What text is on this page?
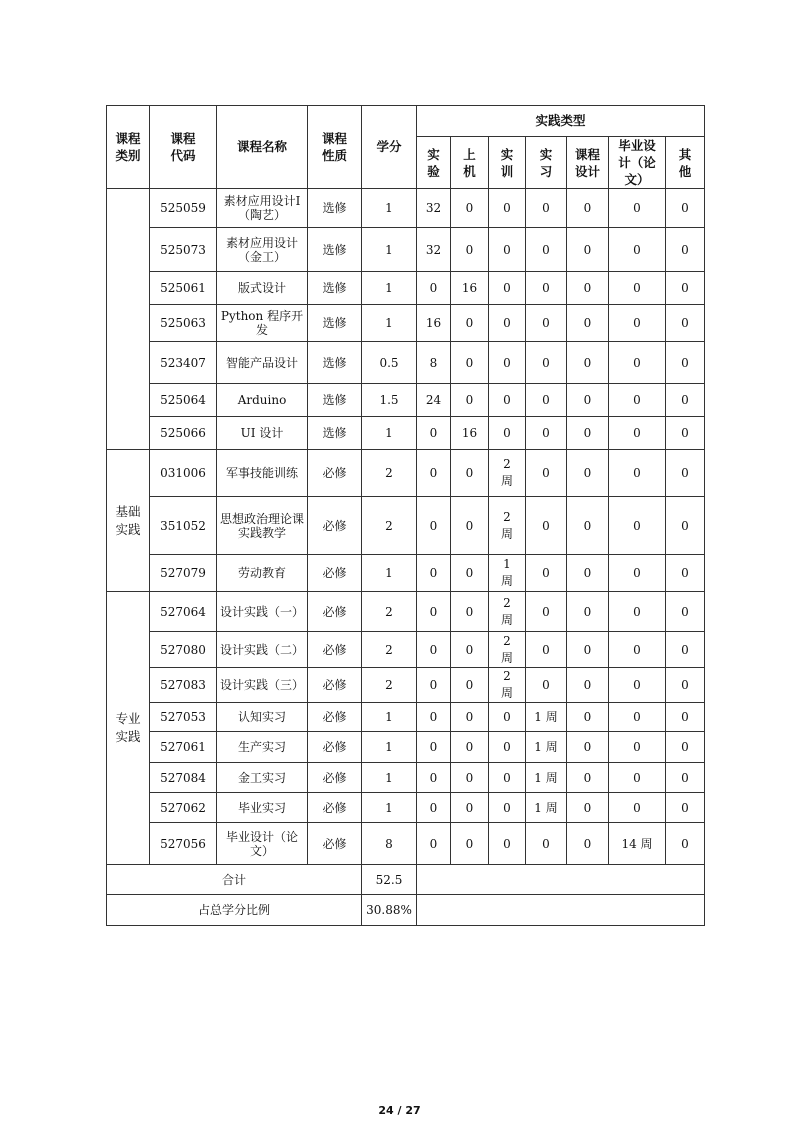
课程类别	课程代码	课程名称	课程性质	学分	实践类型						
					实验	上机	实训	实习	课程设计	毕业设计（论文）	其他
	525059	素材应用设计Ⅰ（陶艺）	选修	1	32	0	0	0	0	0	0
	525073	素材应用设计（金工）	选修	1	32	0	0	0	0	0	0
	525061	版式设计	选修	1	0	16	0	0	0	0	0
	525063	Python 程序开发	选修	1	16	0	0	0	0	0	0
	523407	智能产品设计	选修	0.5	8	0	0	0	0	0	0
	525064	Arduino	选修	1.5	24	0	0	0	0	0	0
	525066	UI 设计	选修	1	0	16	0	0	0	0	0
基础实践	031006	军事技能训练	必修	2	0	0	2周	0	0	0	0
	351052	思想政治理论课实践教学	必修	2	0	0	2周	0	0	0	0
	527079	劳动教育	必修	1	0	0	1周	0	0	0	0
专业实践	527064	设计实践（一）	必修	2	0	0	2周	0	0	0	0
	527080	设计实践（二）	必修	2	0	0	2周	0	0	0	0
	527083	设计实践（三）	必修	2	0	0	2周	0	0	0	0
	527053	认知实习	必修	1	0	0	0	1 周	0	0	0
	527061	生产实习	必修	1	0	0	0	1 周	0	0	0
	527084	金工实习	必修	1	0	0	0	1 周	0	0	0
	527062	毕业实习	必修	1	0	0	0	1 周	0	0	0
	527056	毕业设计（论文）	必修	8	0	0	0	0	0	14 周	0
合计				52.5							
占总学分比例				30.88%							
24 / 27
